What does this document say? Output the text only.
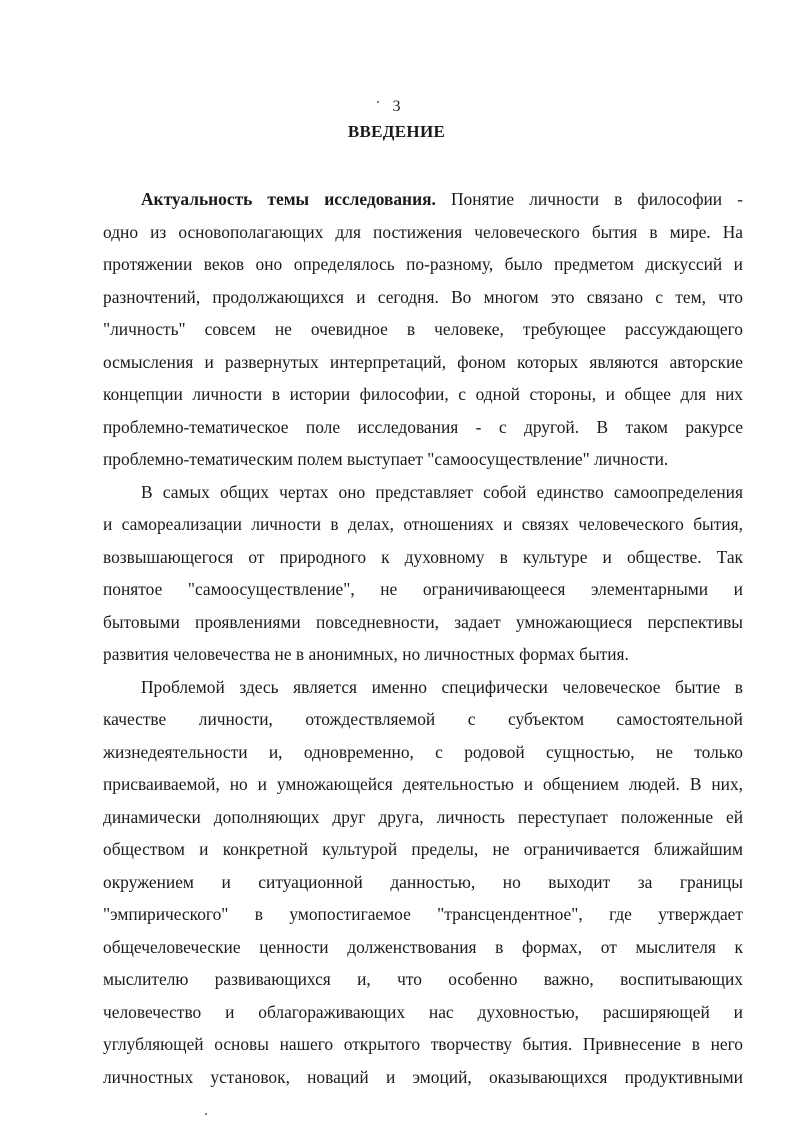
3
ВВЕДЕНИЕ
Актуальность темы исследования. Понятие личности в философии -
одно из основополагающих для постижения человеческого бытия в мире. На
протяжении веков оно определялось по-разному, было предметом дискуссий и
разночтений, продолжающихся и сегодня. Во многом это связано с тем, что
"личность" совсем не очевидное в человеке, требующее рассуждающего
осмысления и развернутых интерпретаций, фоном которых являются авторские
концепции личности в истории философии, с одной стороны, и общее для них
проблемно-тематическое поле исследования - с другой. В таком ракурсе
проблемно-тематическим полем выступает "самоосуществление" личности.
В самых общих чертах оно представляет собой единство самоопределения
и самореализации личности в делах, отношениях и связях человеческого бытия,
возвышающегося от природного к духовному в культуре и обществе. Так
понятое "самоосуществление", не ограничивающееся элементарными и
бытовыми проявлениями повседневности, задает умножающиеся перспективы
развития человечества не в анонимных, но личностных формах бытия.
Проблемой здесь является именно специфически человеческое бытие в
качестве личности, отождествляемой с субъектом самостоятельной
жизнедеятельности и, одновременно, с родовой сущностью, не только
присваиваемой, но и умножающейся деятельностью и общением людей. В них,
динамически дополняющих друг друга, личность переступает положенные ей
обществом и конкретной культурой пределы, не ограничивается ближайшим
окружением и ситуационной данностью, но выходит за границы
"эмпирического" в умопостигаемое "трансцендентное", где утверждает
общечеловеческие ценности долженствования в формах, от мыслителя к
мыслителю развивающихся и, что особенно важно, воспитывающих
человечество и облагораживающих нас духовностью, расширяющей и
углубляющей основы нашего открытого творчеству бытия. Привнесение в него
личностных установок, новаций и эмоций, оказывающихся продуктивными
